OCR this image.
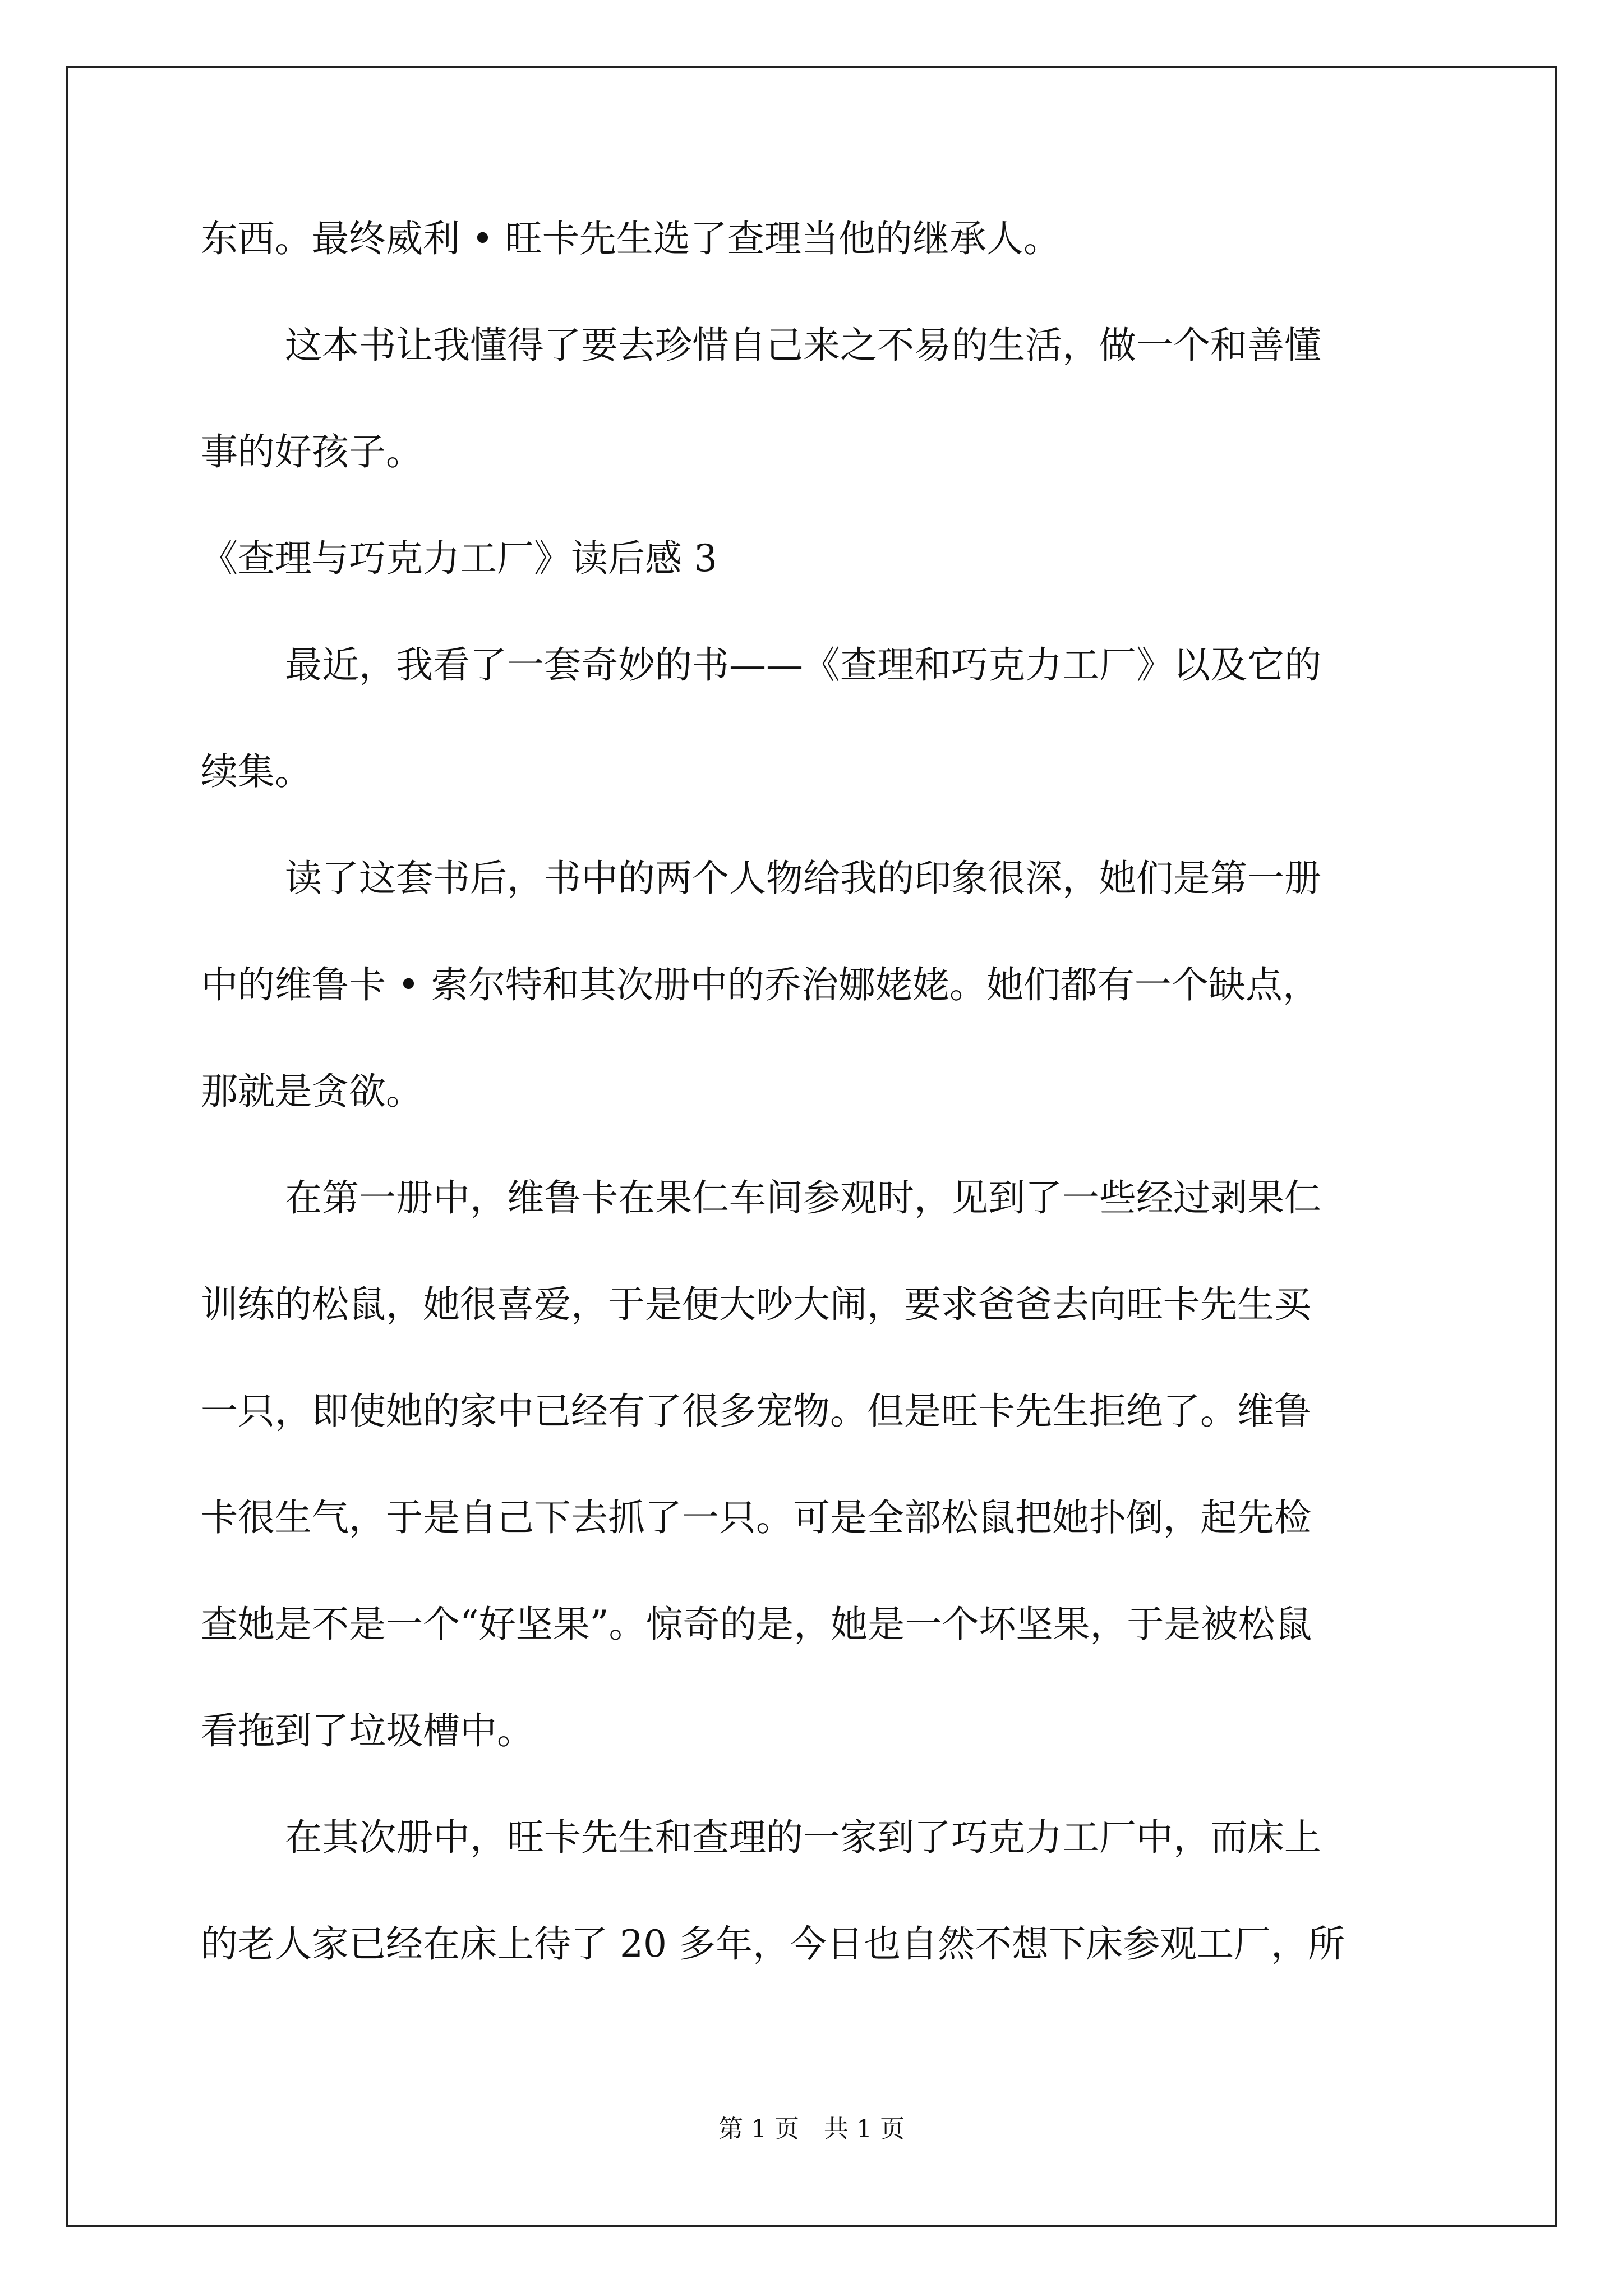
东西。最终威利 • 旺卡先生选了查理当他的继承人。

这本书让我懂得了要去珍惜自己来之不易的生活，做一个和善懂

事的好孩子。

《查理与巧克力工厂》读后感 3

最近，我看了一套奇妙的书——《查理和巧克力工厂》以及它的

续集。

读了这套书后，书中的两个人物给我的印象很深，她们是第一册

中的维鲁卡 • 索尔特和其次册中的乔治娜姥姥。她们都有一个缺点，

那就是贪欲。

在第一册中，维鲁卡在果仁车间参观时，见到了一些经过剥果仁

训练的松鼠，她很喜爱，于是便大吵大闹，要求爸爸去向旺卡先生买

一只，即使她的家中已经有了很多宠物。但是旺卡先生拒绝了。维鲁

卡很生气，于是自己下去抓了一只。可是全部松鼠把她扑倒，起先检

查她是不是一个“好坚果”。惊奇的是，她是一个坏坚果，于是被松鼠

看拖到了垃圾槽中。

在其次册中，旺卡先生和查理的一家到了巧克力工厂中，而床上

的老人家已经在床上待了 20 多年，今日也自然不想下床参观工厂，所

第 1 页　共 1 页
